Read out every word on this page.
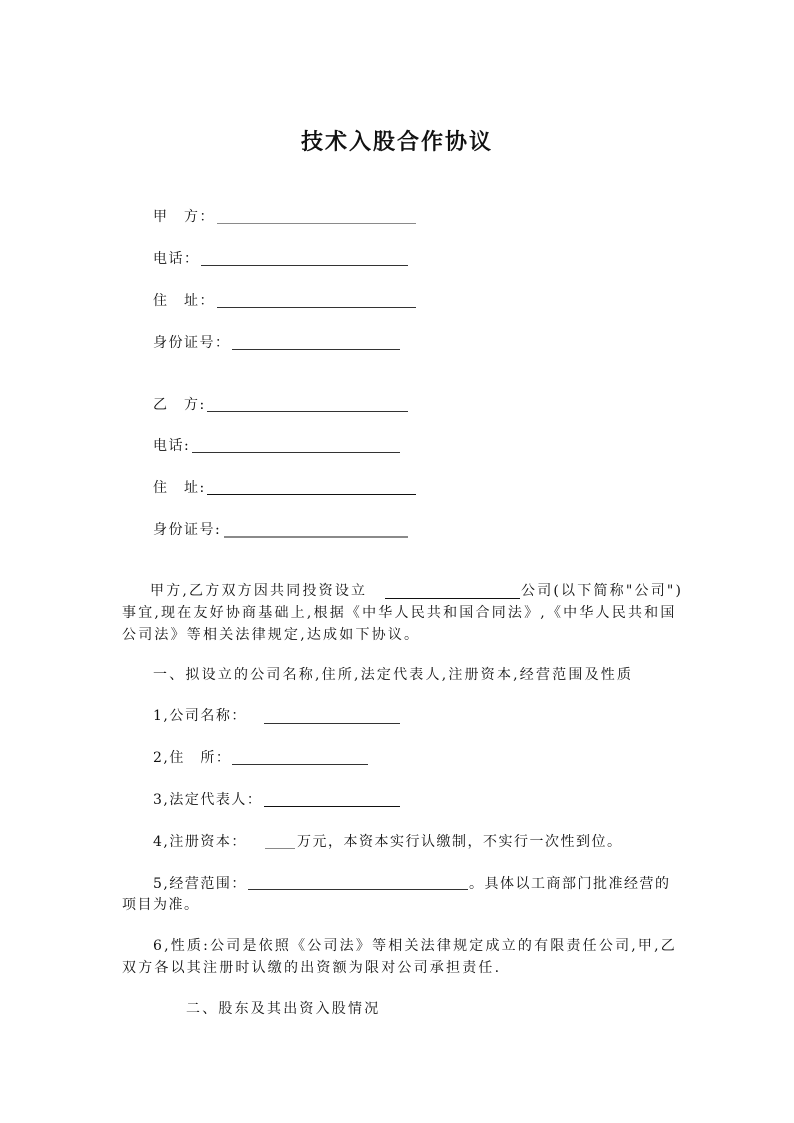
技术入股合作协议
甲　方：
电话：
住　址：
身份证号：
乙　方:
电话:
住　址:
身份证号:
甲方,乙方双方因共同投资设立	公司(以下简称"公司")
事宜,现在友好协商基础上,根据《中华人民共和国合同法》,《中华人民共和国
公司法》等相关法律规定,达成如下协议。
一、拟设立的公司名称,住所,法定代表人,注册资本,经营范围及性质
1,公司名称：
2,住　所：
3,法定代表人：
4,注册资本：	万元，本资本实行认缴制，不实行一次性到位。
5,经营范围：	。具体以工商部门批准经营的
项目为准。
6,性质:公司是依照《公司法》等相关法律规定成立的有限责任公司,甲,乙
双方各以其注册时认缴的出资额为限对公司承担责任.
二、股东及其出资入股情况
